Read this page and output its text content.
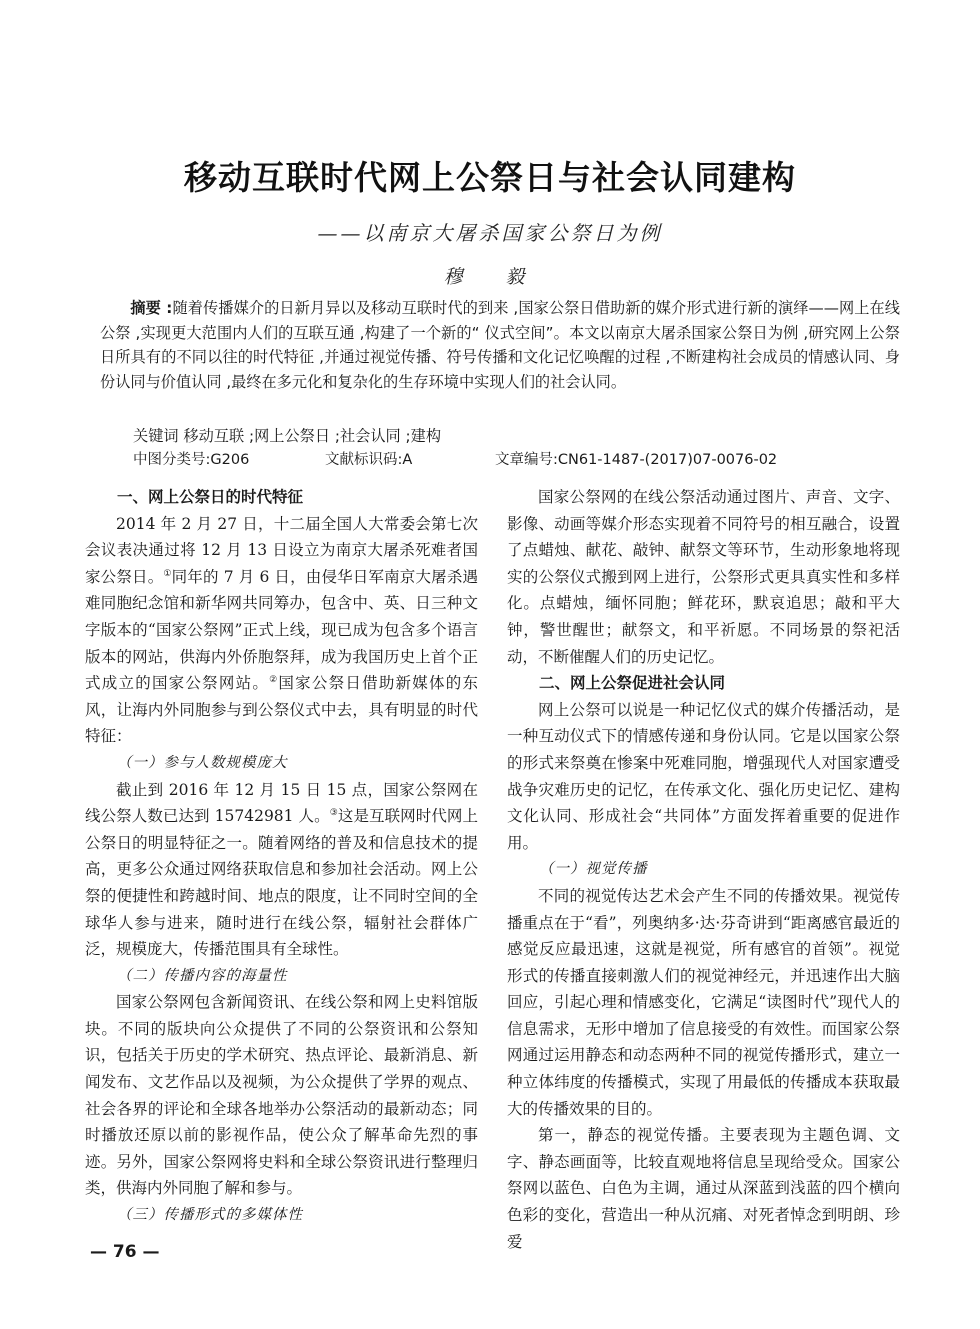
移动互联时代网上公祭日与社会认同建构
——以南京大屠杀国家公祭日为例
穆　毅
摘要 :随着传播媒介的日新月异以及移动互联时代的到来 ,国家公祭日借助新的媒介形式进行新的演绎——网上在线公祭 ,实现更大范围内人们的互联互通 ,构建了一个新的“ 仪式空间”。本文以南京大屠杀国家公祭日为例 ,研究网上公祭日所具有的不同以往的时代特征 ,并通过视觉传播、符号传播和文化记忆唤醒的过程 ,不断建构社会成员的情感认同、身份认同与价值认同 ,最终在多元化和复杂化的生存环境中实现人们的社会认同。
关键词 移动互联 ;网上公祭日 ;社会认同 ;建构
中图分类号:G206	文献标识码:A	文章编号:CN61-1487-(2017)07-0076-02
一、网上公祭日的时代特征

2014 年 2 月 27 日，十二届全国人大常委会第七次会议表决通过将 12 月 13 日设立为南京大屠杀死难者国家公祭日。①同年的 7 月 6 日，由侵华日军南京大屠杀遇难同胞纪念馆和新华网共同筹办，包含中、英、日三种文字版本的“国家公祭网”正式上线，现已成为包含多个语言版本的网站，供海内外侨胞祭拜，成为我国历史上首个正式成立的国家公祭网站。②国家公祭日借助新媒体的东风，让海内外同胞参与到公祭仪式中去，具有明显的时代特征：

（一）参与人数规模庞大

截止到 2016 年 12 月 15 日 15 点，国家公祭网在线公祭人数已达到 15742981 人。③这是互联网时代网上公祭日的明显特征之一。随着网络的普及和信息技术的提高，更多公众通过网络获取信息和参加社会活动。网上公祭的便捷性和跨越时间、地点的限度，让不同时空间的全球华人参与进来，随时进行在线公祭，辐射社会群体广泛，规模庞大，传播范围具有全球性。

（二）传播内容的海量性

国家公祭网包含新闻资讯、在线公祭和网上史料馆版块。不同的版块向公众提供了不同的公祭资讯和公祭知识，包括关于历史的学术研究、热点评论、最新消息、新闻发布、文艺作品以及视频，为公众提供了学界的观点、社会各界的评论和全球各地举办公祭活动的最新动态；同时播放还原以前的影视作品，使公众了解革命先烈的事迹。另外，国家公祭网将史料和全球公祭资讯进行整理归类，供海内外同胞了解和参与。

（三）传播形式的多媒体性

国家公祭网的在线公祭活动通过图片、声音、文字、影像、动画等媒介形态实现着不同符号的相互融合，设置了点蜡烛、献花、敲钟、献祭文等环节，生动形象地将现实的公祭仪式搬到网上进行，公祭形式更具真实性和多样化。点蜡烛，缅怀同胞；鲜花环，默哀追思；敲和平大钟，警世醒世；献祭文，和平祈愿。不同场景的祭祀活动，不断催醒人们的历史记忆。

二、网上公祭促进社会认同

网上公祭可以说是一种记忆仪式的媒介传播活动，是一种互动仪式下的情感传递和身份认同。它是以国家公祭的形式来祭奠在惨案中死难同胞，增强现代人对国家遭受战争灾难历史的记忆，在传承文化、强化历史记忆、建构文化认同、形成社会“共同体”方面发挥着重要的促进作用。

（一）视觉传播

不同的视觉传达艺术会产生不同的传播效果。视觉传播重点在于“看”，列奥纳多·达·芬奇讲到“距离感官最近的感觉反应最迅速，这就是视觉，所有感官的首领”。视觉形式的传播直接刺激人们的视觉神经元，并迅速作出大脑回应，引起心理和情感变化，它满足“读图时代”现代人的信息需求，无形中增加了信息接受的有效性。而国家公祭网通过运用静态和动态两种不同的视觉传播形式，建立一种立体纬度的传播模式，实现了用最低的传播成本获取最大的传播效果的目的。

第一，静态的视觉传播。主要表现为主题色调、文字、静态画面等，比较直观地将信息呈现给受众。国家公祭网以蓝色、白色为主调，通过从深蓝到浅蓝的四个横向色彩的变化，营造出一种从沉痛、对死者悼念到明朗、珍爱

— 76 —
